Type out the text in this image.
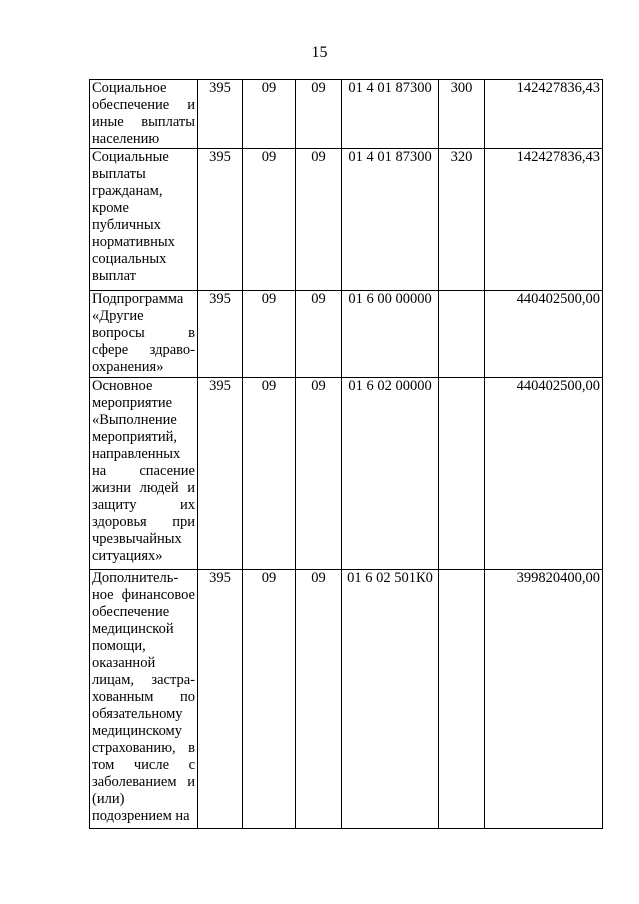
15
Социальное обеспечение и иные выплаты населению	395	09	09	01 4 01 87300	300	142427836,43
Социальные выплаты гражданам, кроме публичных нормативных социальных выплат	395	09	09	01 4 01 87300	320	142427836,43
Подпрограмма «Другие вопросы в сфере здраво-охранения»	395	09	09	01 6 00 00000		440402500,00
Основное мероприятие «Выполнение мероприятий, направленных на спасение жизни людей и защиту их здоровья при чрезвычайных ситуациях»	395	09	09	01 6 02 00000		440402500,00
Дополнитель-ное финансовое обеспечение медицинской помощи, оказанной лицам, застра-хованным по обязательному медицинскому страхованию, в том числе с заболеванием и (или) подозрением на	395	09	09	01 6 02 501К0		399820400,00
